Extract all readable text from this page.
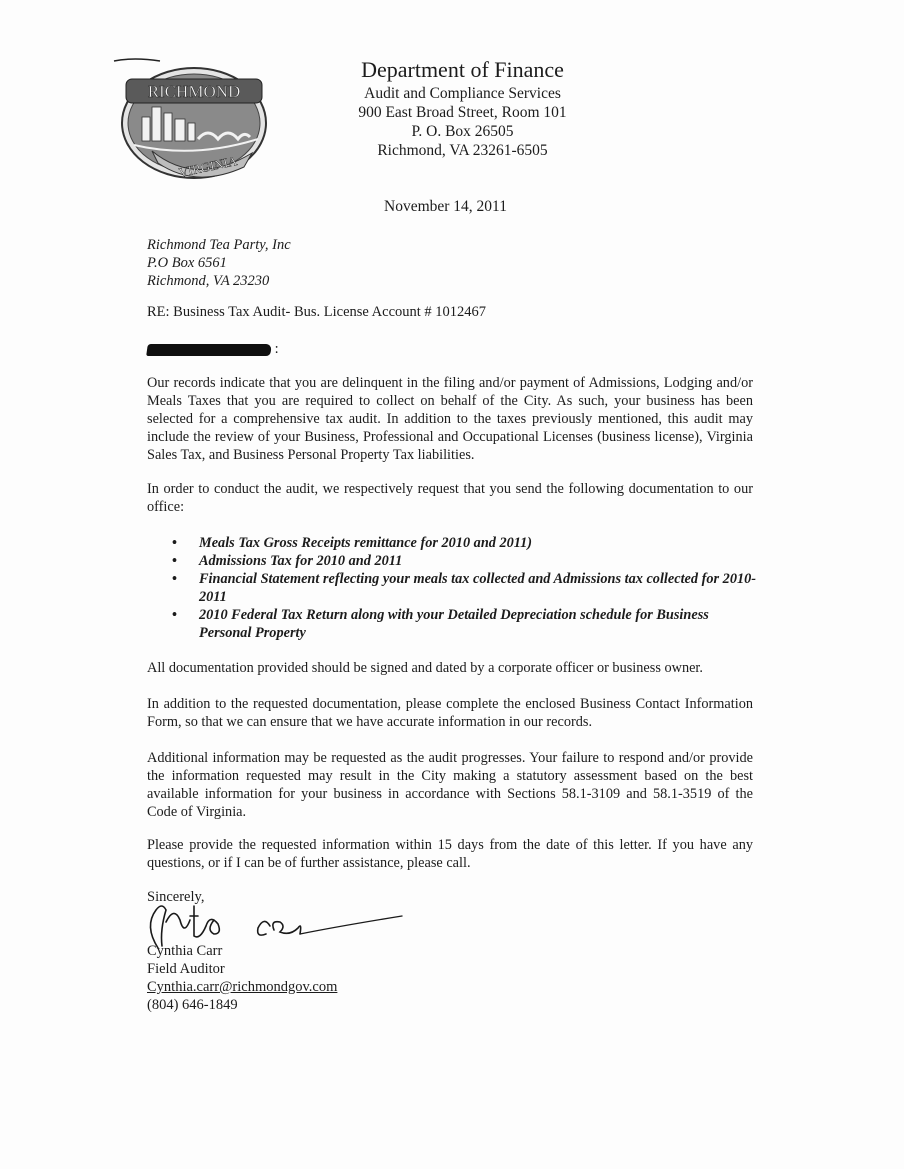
RICHMOND
VIRGINIA
Department of Finance
Audit and Compliance Services
900 East Broad Street, Room 101
P. O. Box 26505
Richmond, VA 23261-6505
November 14, 2011
Richmond Tea Party, Inc
P.O Box 6561
Richmond, VA 23230
RE: Business Tax Audit- Bus. License Account # 1012467
:
Our records indicate that you are delinquent in the filing and/or payment of Admissions, Lodging and/or Meals Taxes that you are required to collect on behalf of the City. As such, your business has been selected for a comprehensive tax audit. In addition to the taxes previously mentioned, this audit may include the review of your Business, Professional and Occupational Licenses (business license), Virginia Sales Tax, and Business Personal Property Tax liabilities.
In order to conduct the audit, we respectively request that you send the following documentation to our office:
• Meals Tax Gross Receipts remittance for 2010 and 2011)
• Admissions Tax for 2010 and 2011
• Financial Statement reflecting your meals tax collected and Admissions tax collected for 2010-2011
• 2010 Federal Tax Return along with your Detailed Depreciation schedule for Business Personal Property
All documentation provided should be signed and dated by a corporate officer or business owner.
In addition to the requested documentation, please complete the enclosed Business Contact Information Form, so that we can ensure that we have accurate information in our records.
Additional information may be requested as the audit progresses. Your failure to respond and/or provide the information requested may result in the City making a statutory assessment based on the best available information for your business in accordance with Sections 58.1-3109 and 58.1-3519 of the Code of Virginia.
Please provide the requested information within 15 days from the date of this letter. If you have any questions, or if I can be of further assistance, please call.
Sincerely,
Cynthia Carr
Field Auditor
Cynthia.carr@richmondgov.com
(804) 646-1849
